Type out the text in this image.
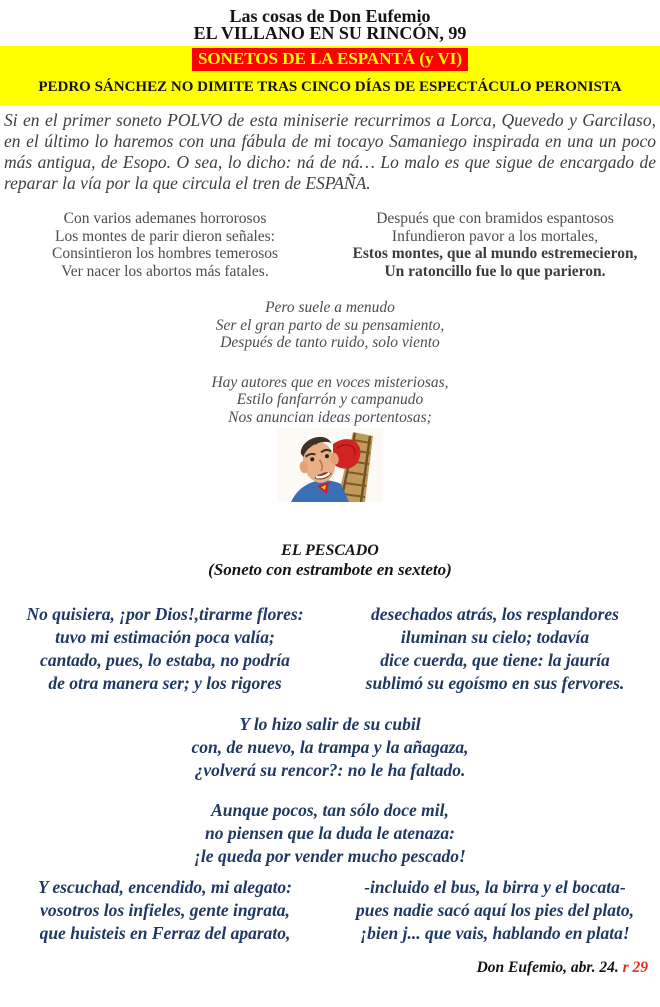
Las cosas de Don Eufemio
EL VILLANO EN SU RINCÓN, 99
SONETOS DE LA ESPANTÁ (y VI)
PEDRO SÁNCHEZ NO DIMITE TRAS CINCO DÍAS DE ESPECTÁCULO PERONISTA
Si en el primer soneto POLVO de esta miniserie recurrimos a Lorca, Quevedo y Garcilaso, en el último lo haremos con una fábula de mi tocayo Samaniego inspirada en una un poco más antigua, de Esopo. O sea, lo dicho: ná de ná… Lo malo es que sigue de encargado de reparar la vía por la que circula el tren de ESPAÑA.
Con varios ademanes horrorosos
Los montes de parir dieron señales:
Consintieron los hombres temerosos
Ver nacer los abortos más fatales.
Después que con bramidos espantosos
Infundieron pavor a los mortales,
Estos montes, que al mundo estremecieron,
Un ratoncillo fue lo que parieron.
Pero suele a menudo
Ser el gran parto de su pensamiento,
Después de tanto ruido, solo viento
Hay autores que en voces misteriosas,
Estilo fanfarrón y campanudo
Nos anuncian ideas portentosas;
EL PESCADO
(Soneto con estrambote en sexteto)
No quisiera, ¡por Dios!,tirarme flores:
tuvo mi estimación poca valía;
cantado, pues, lo estaba, no podría
de otra manera ser; y los rigores
desechados atrás, los resplandores
iluminan su cielo; todavía
dice cuerda, que tiene: la jauría
sublimó su egoísmo en sus fervores.
Y lo hizo salir de su cubil
con, de nuevo, la trampa y la añagaza,
¿volverá su rencor?: no le ha faltado.
Aunque pocos, tan sólo doce mil,
no piensen que la duda le atenaza:
¡le queda por vender mucho pescado!
Y escuchad, encendido, mi alegato:
vosotros los infieles, gente ingrata,
que huisteis en Ferraz del aparato,
-incluido el bus, la birra y el bocata-
pues nadie sacó aquí los pies del plato,
¡bien j... que vais, hablando en plata!
Don Eufemio, abr. 24. r 29
